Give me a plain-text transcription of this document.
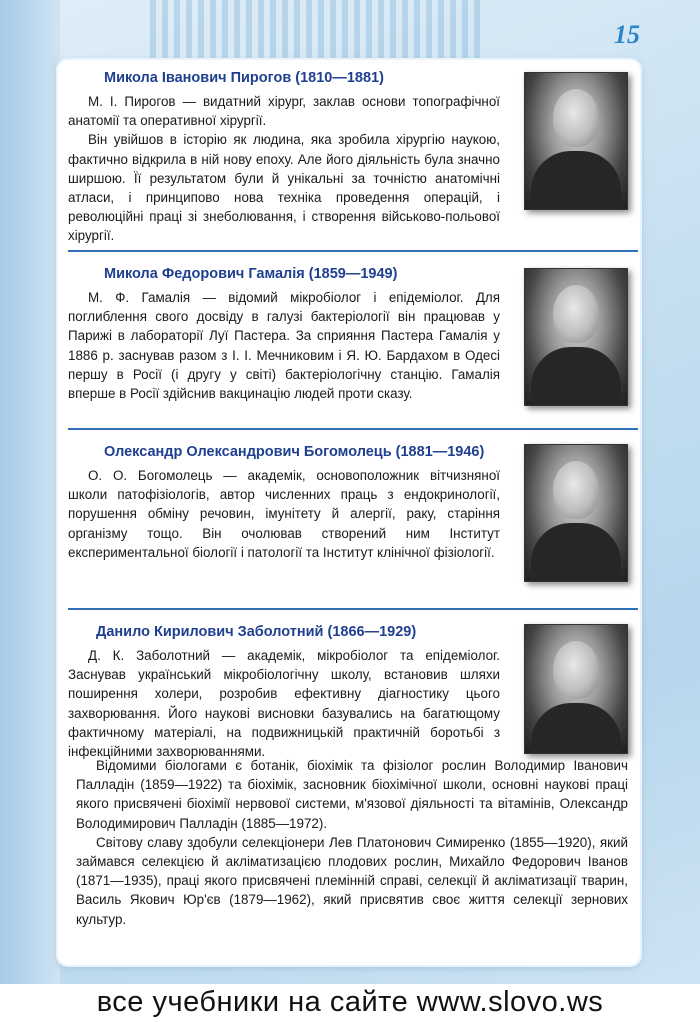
15
Микола Іванович Пирогов (1810—1881)

М. І. Пирогов — видатний хірург, заклав основи топографічної анатомії та оперативної хірургії.

Він увійшов в історію як людина, яка зробила хірургію наукою, фактично відкрила в ній нову епоху. Але його діяльність була значно ширшою. Її результатом були й унікальні за точністю анатомічні атласи, і принципово нова техніка проведення операцій, і революційні праці зі знеболювання, і створення військово-польової хірургії.

Микола Федорович Гамалія (1859—1949)

М. Ф. Гамалія — відомий мікробіолог і епідеміолог. Для поглиблення свого досвіду в галузі бактеріології він працював у Парижі в лабораторії Луї Пастера. За сприяння Пастера Гамалія у 1886 р. заснував разом з І. І. Мечниковим і Я. Ю. Бардахом в Одесі першу в Росії (і другу у світі) бактеріологічну станцію. Гамалія вперше в Росії здійснив вакцинацію людей проти сказу.

Олександр Олександрович Богомолець (1881—1946)

О. О. Богомолець — академік, основоположник вітчизняної школи патофізіологів, автор численних праць з ендокринології, порушення обміну речовин, імунітету й алергії, раку, старіння організму тощо. Він очолював створений ним Інститут експериментальної біології і патології та Інститут клінічної фізіології.

Данило Кирилович Заболотний (1866—1929)

Д. К. Заболотний — академік, мікробіолог та епідеміолог. Заснував український мікробіологічну школу, встановив шляхи поширення холери, розробив ефективну діагностику цього захворювання. Його наукові висновки базувались на багатющому фактичному матеріалі, на подвижницькій практичній боротьбі з інфекційними захворюваннями.

Відомими біологами є ботанік, біохімік та фізіолог рослин Володимир Іванович Палладін (1859—1922) та біохімік, засновник біохімічної школи, основні наукові праці якого присвячені біохімії нервової системи, м'язової діяльності та вітамінів, Олександр Володимирович Палладін (1885—1972).

Світову славу здобули селекціонери Лев Платонович Симиренко (1855—1920), який займався селекцією й акліматизацією плодових рослин, Михайло Федорович Іванов (1871—1935), праці якого присвячені племінній справі, селекції й акліматизації тварин, Василь Якович Юр'єв (1879—1962), який присвятив своє життя селекції зернових культур.

все учебники на сайте www.slovo.ws
